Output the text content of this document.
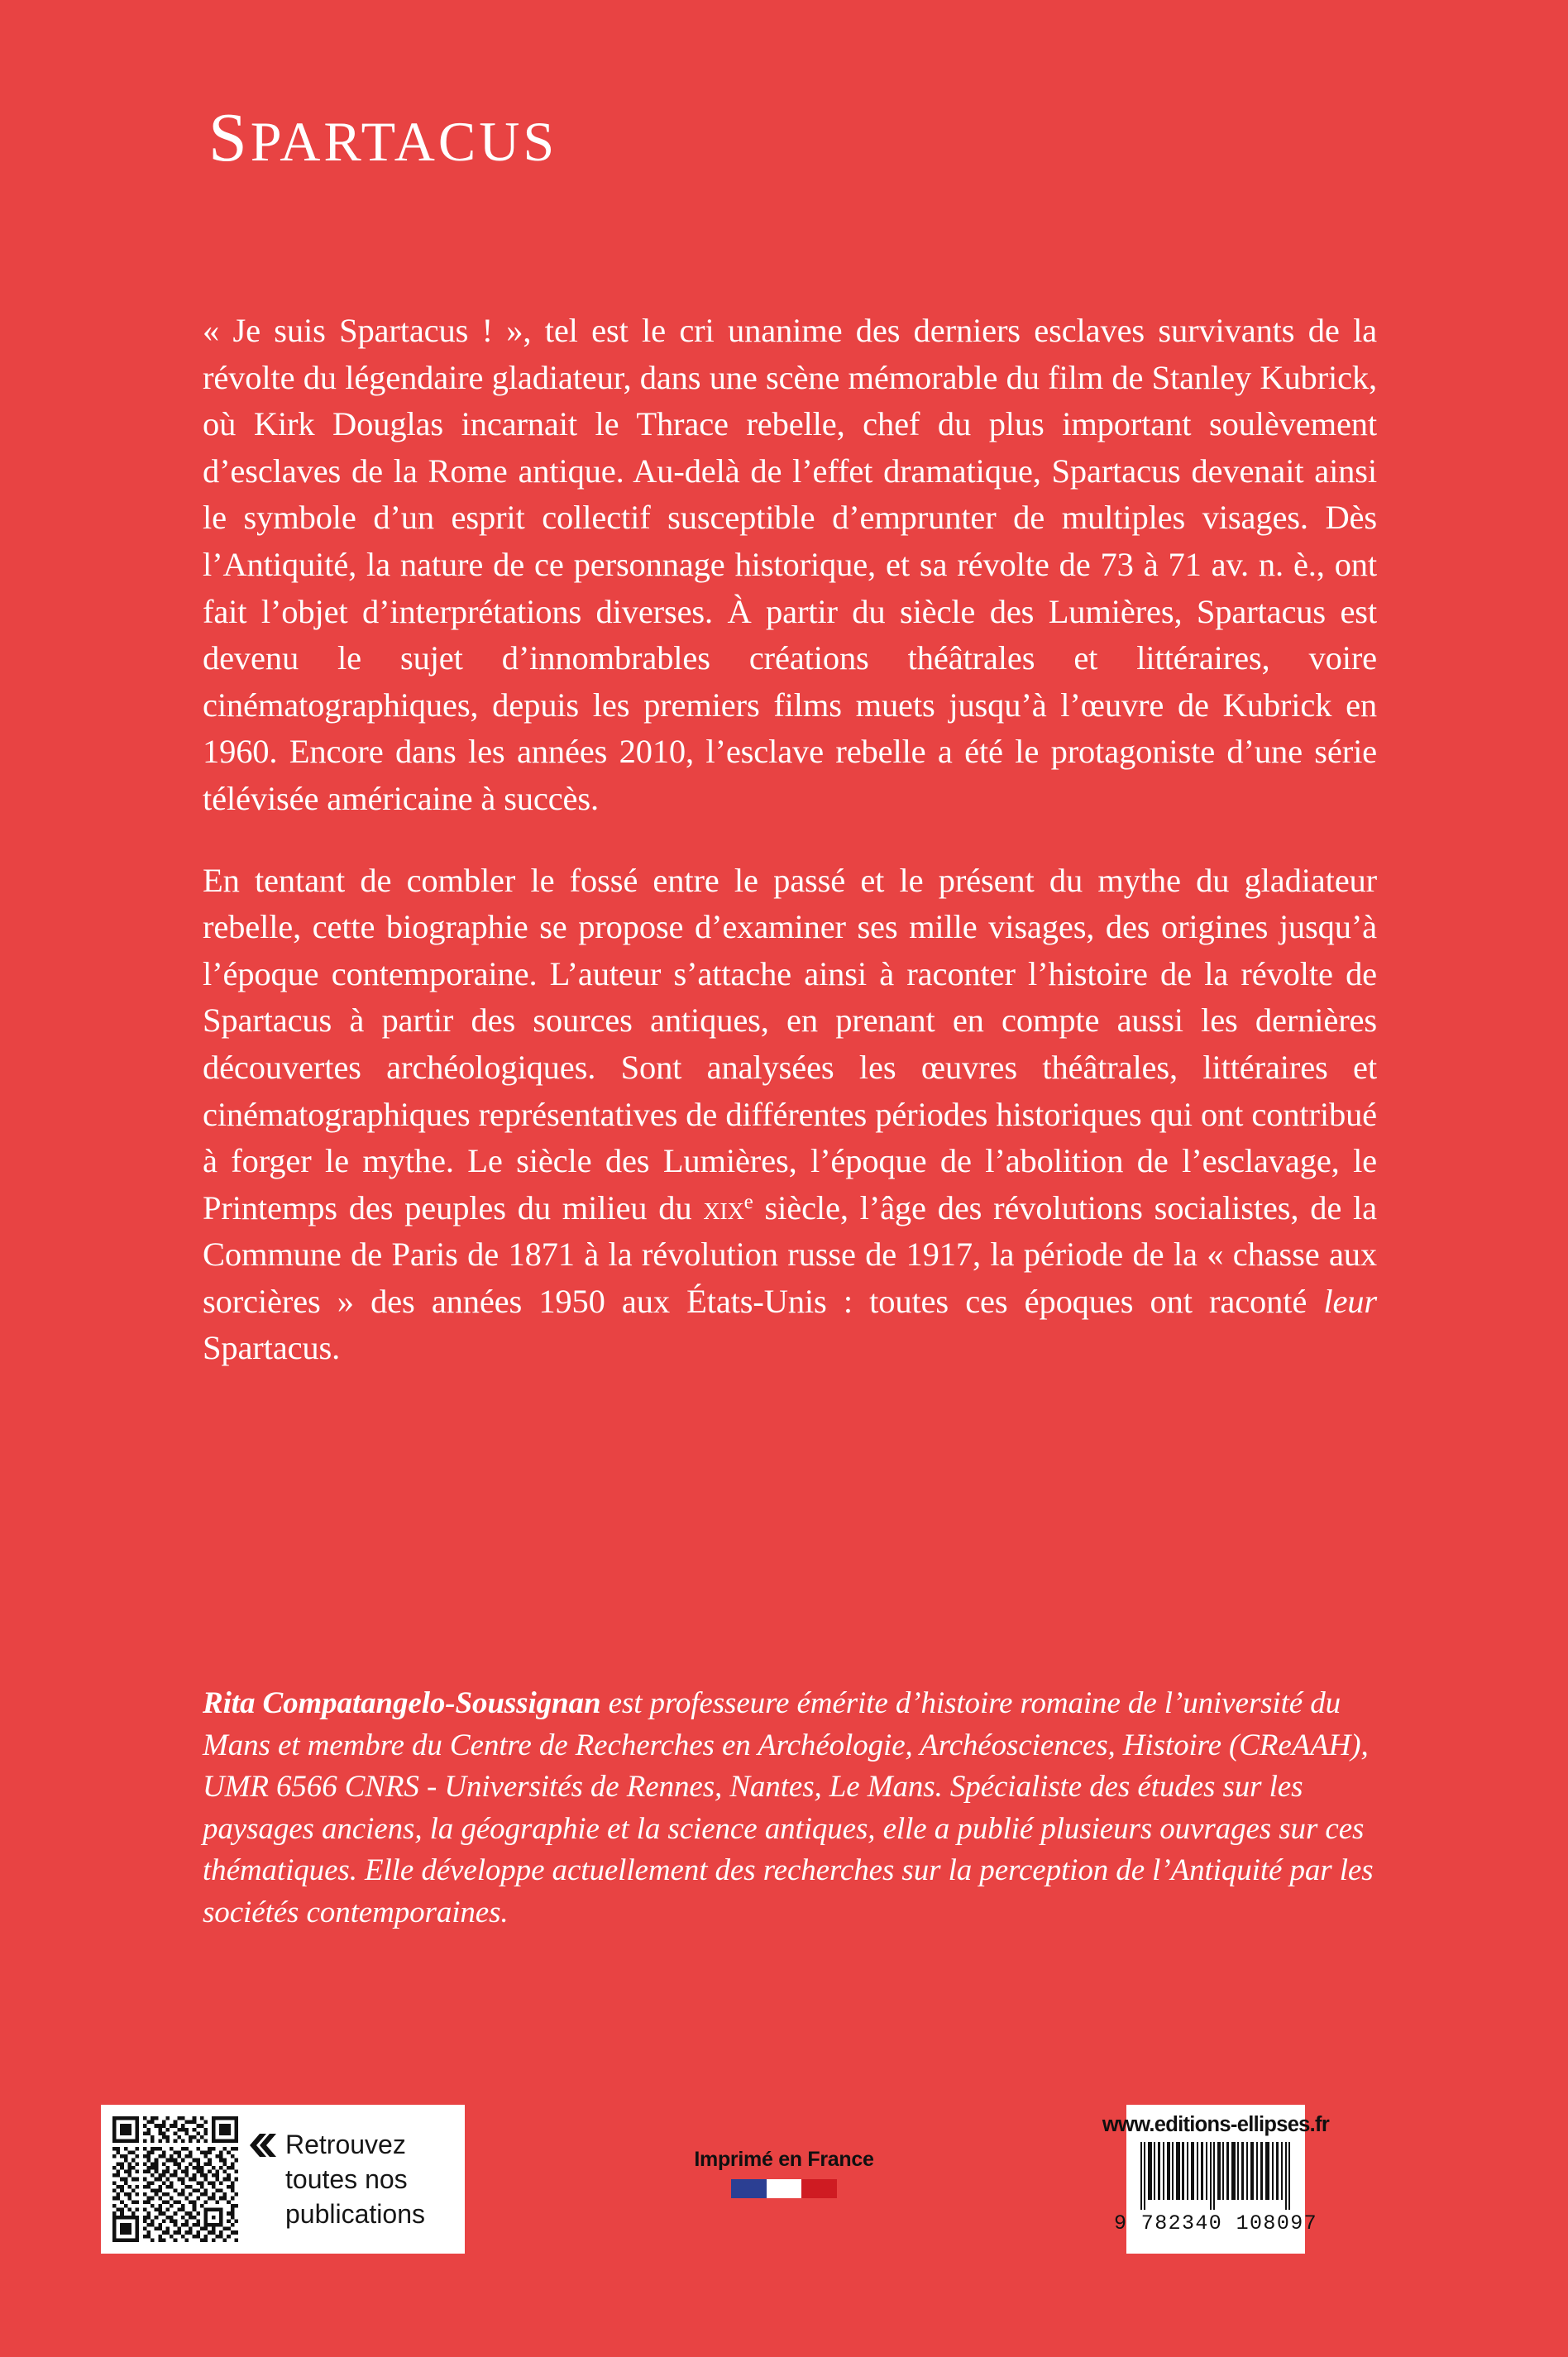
SPARTACUS

« Je suis Spartacus ! », tel est le cri unanime des derniers esclaves survivants de la révolte du légendaire gladiateur, dans une scène mémorable du film de Stanley Kubrick, où Kirk Douglas incarnait le Thrace rebelle, chef du plus important soulèvement d’esclaves de la Rome antique. Au-delà de l’effet dramatique, Spartacus devenait ainsi le symbole d’un esprit collectif susceptible d’emprunter de multiples visages. Dès l’Antiquité, la nature de ce personnage historique, et sa révolte de 73 à 71 av. n. è., ont fait l’objet d’interprétations diverses. À partir du siècle des Lumières, Spartacus est devenu le sujet d’innombrables créations théâtrales et littéraires, voire cinématographiques, depuis les premiers films muets jusqu’à l’œuvre de Kubrick en 1960. Encore dans les années 2010, l’esclave rebelle a été le protagoniste d’une série télévisée américaine à succès.

En tentant de combler le fossé entre le passé et le présent du mythe du gladiateur rebelle, cette biographie se propose d’examiner ses mille visages, des origines jusqu’à l’époque contemporaine. L’auteur s’attache ainsi à raconter l’histoire de la révolte de Spartacus à partir des sources antiques, en prenant en compte aussi les dernières découvertes archéologiques. Sont analysées les œuvres théâtrales, littéraires et cinématographiques représentatives de différentes périodes historiques qui ont contribué à forger le mythe. Le siècle des Lumières, l’époque de l’abolition de l’esclavage, le Printemps des peuples du milieu du xix$^e$ siècle, l’âge des révolutions socialistes, de la Commune de Paris de 1871 à la révolution russe de 1917, la période de la « chasse aux sorcières » des années 1950 aux États-Unis : toutes ces époques ont raconté leur Spartacus.

Rita Compatangelo-Soussignan est professeure émérite d’histoire romaine de l’université du Mans et membre du Centre de Recherches en Archéologie, Archéosciences, Histoire (CReAAH), UMR 6566 CNRS - Universités de Rennes, Nantes, Le Mans. Spécialiste des études sur les paysages anciens, la géographie et la science antiques, elle a publié plusieurs ouvrages sur ces thématiques. Elle développe actuellement des recherches sur la perception de l’Antiquité par les sociétés contemporaines.
Retrouvez
toutes nos
publications
Imprimé en France
www.editions-ellipses.fr
9 782340 108097
